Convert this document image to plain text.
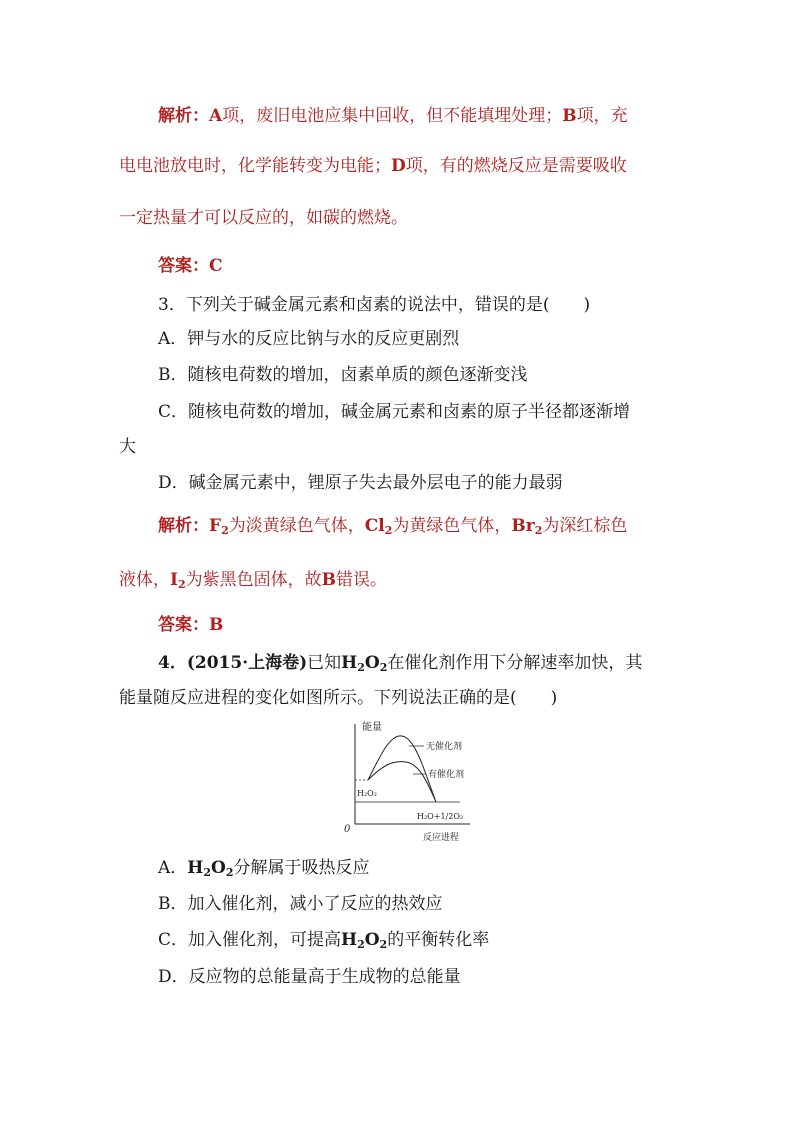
解析：A项，废旧电池应集中回收，但不能填埋处理；B项，充
电电池放电时，化学能转变为电能；D项，有的燃烧反应是需要吸收
一定热量才可以反应的，如碳的燃烧。
答案：C
3．下列关于碱金属元素和卤素的说法中，错误的是(　　)
A．钾与水的反应比钠与水的反应更剧烈
B．随核电荷数的增加，卤素单质的颜色逐渐变浅
C．随核电荷数的增加，碱金属元素和卤素的原子半径都逐渐增
大
D．碱金属元素中，锂原子失去最外层电子的能力最弱
解析：$F_2$为淡黄绿色气体，$Cl_2$为黄绿色气体，$Br_2$为深红棕色
液体，$I_2$为紫黑色固体，故B错误。
答案：B
4．(2015·上海卷)已知$H_2O_2$在催化剂作用下分解速率加快，其
能量随反应进程的变化如图所示。下列说法正确的是(　　)
能量
0
反应进程
H₂O₂
H₂O+1/2O₂
无催化剂
有催化剂
A．$H_2O_2$分解属于吸热反应
B．加入催化剂，减小了反应的热效应
C．加入催化剂，可提高$H_2O_2$的平衡转化率
D．反应物的总能量高于生成物的总能量
